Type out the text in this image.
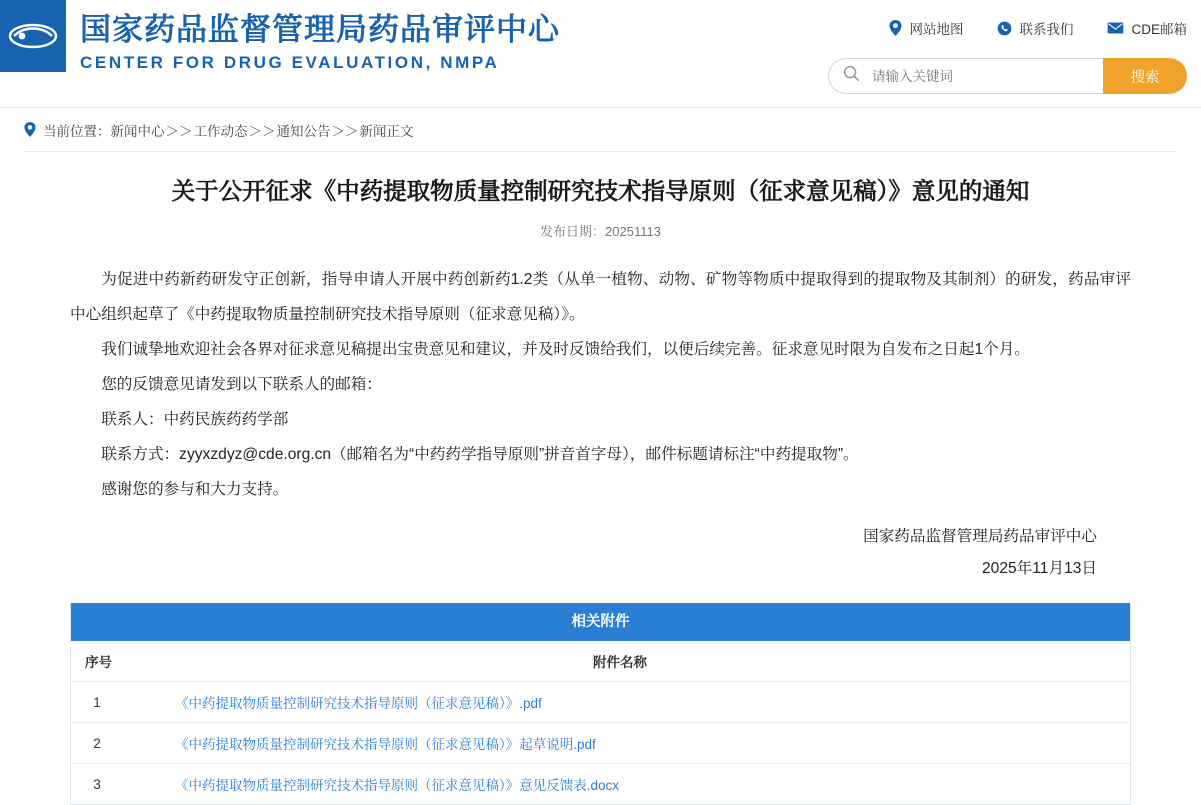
国家药品监督管理局药品审评中心
CENTER FOR DRUG EVALUATION, NMPA
网站地图	联系我们	CDE邮箱
请输入关键词
搜索
当前位置： 新闻中心 ＞＞ 工作动态 ＞＞ 通知公告 ＞＞ 新闻正文
关于公开征求《中药提取物质量控制研究技术指导原则（征求意见稿）》意见的通知
发布日期：20251113

为促进中药新药研发守正创新，指导申请人开展中药创新药1.2类（从单一植物、动物、矿物等物质中提取得到的提取物及其制剂）的研发，药品审评中心组织起草了《中药提取物质量控制研究技术指导原则（征求意见稿）》。

我们诚挚地欢迎社会各界对征求意见稿提出宝贵意见和建议，并及时反馈给我们，以便后续完善。征求意见时限为自发布之日起1个月。

您的反馈意见请发到以下联系人的邮箱：

联系人：中药民族药药学部

联系方式：zyyxzdyz@cde.org.cn（邮箱名为“中药药学指导原则”拼音首字母），邮件标题请标注“中药提取物”。

感谢您的参与和大力支持。

国家药品监督管理局药品审评中心
2025年11月13日
相关附件
序号	附件名称
1	《中药提取物质量控制研究技术指导原则（征求意见稿）》.pdf
2	《中药提取物质量控制研究技术指导原则（征求意见稿）》起草说明.pdf
3	《中药提取物质量控制研究技术指导原则（征求意见稿）》意见反馈表.docx
